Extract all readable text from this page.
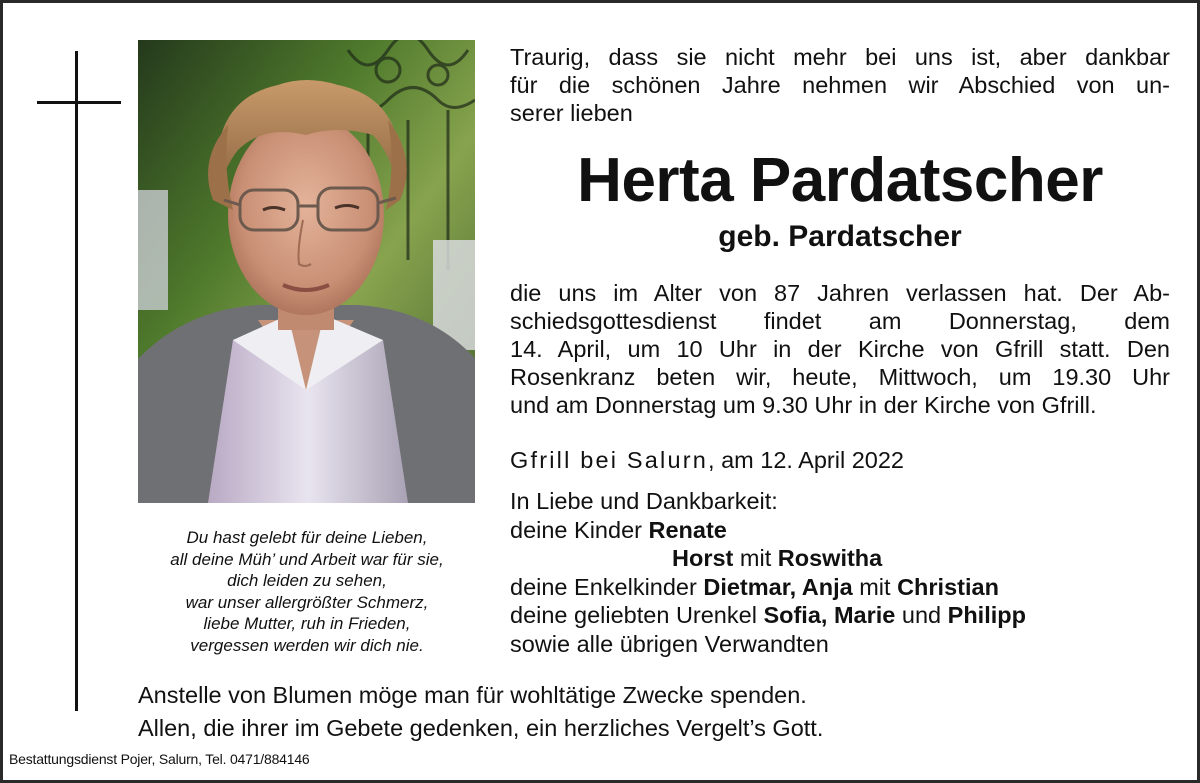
Du hast gelebt für deine Lieben,
all deine Müh’ und Arbeit war für sie,
dich leiden zu sehen,
war unser allergrößter Schmerz,
liebe Mutter, ruh in Frieden,
vergessen werden wir dich nie.
Traurig, dass sie nicht mehr bei uns ist, aber dankbar
für die schönen Jahre nehmen wir Abschied von un-
serer lieben
Herta Pardatscher
geb. Pardatscher
die uns im Alter von 87 Jahren verlassen hat. Der Ab-
schiedsgottesdienst findet am Donnerstag, dem
14. April, um 10 Uhr in der Kirche von Gfrill statt. Den
Rosenkranz beten wir, heute, Mittwoch, um 19.30 Uhr
und am Donnerstag um 9.30 Uhr in der Kirche von Gfrill.
Gfrill bei Salurn, am 12. April 2022
In Liebe und Dankbarkeit:
deine Kinder Renate
Horst mit Roswitha
deine Enkelkinder Dietmar, Anja mit Christian
deine geliebten Urenkel Sofia, Marie und Philipp
sowie alle übrigen Verwandten
Anstelle von Blumen möge man für wohltätige Zwecke spenden.
Allen, die ihrer im Gebete gedenken, ein herzliches Vergelt’s Gott.
Bestattungsdienst Pojer, Salurn, Tel. 0471/884146
